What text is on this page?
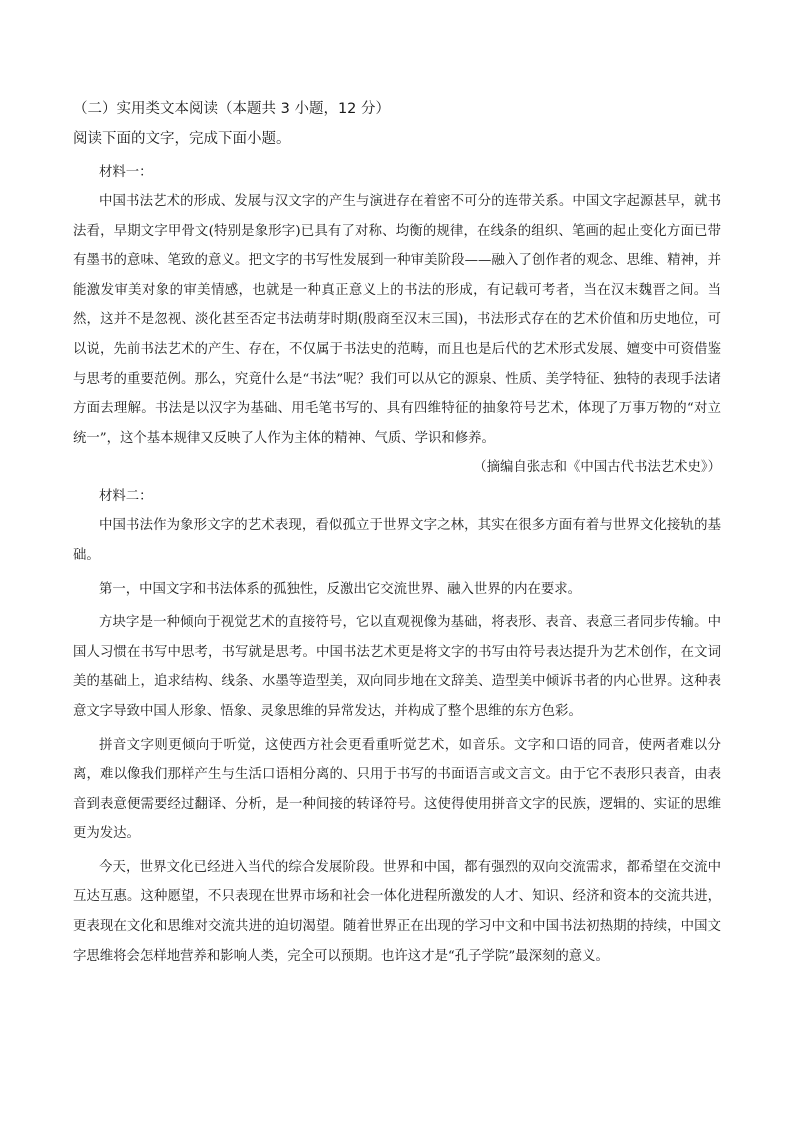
（二）实用类文本阅读（本题共 3 小题，12 分）

阅读下面的文字，完成下面小题。

材料一：

中国书法艺术的形成、发展与汉文字的产生与演进存在着密不可分的连带关系。中国文字起源甚早，就书法看，早期文字甲骨文(特别是象形字)已具有了对称、均衡的规律，在线条的组织、笔画的起止变化方面已带有墨书的意味、笔致的意义。把文字的书写性发展到一种审美阶段——融入了创作者的观念、思维、精神，并能激发审美对象的审美情感，也就是一种真正意义上的书法的形成，有记载可考者，当在汉末魏晋之间。当然，这并不是忽视、淡化甚至否定书法萌芽时期(殷商至汉末三国)，书法形式存在的艺术价值和历史地位，可以说，先前书法艺术的产生、存在，不仅属于书法史的范畴，而且也是后代的艺术形式发展、嬗变中可资借鉴与思考的重要范例。那么，究竟什么是“书法”呢？我们可以从它的源泉、性质、美学特征、独特的表现手法诸方面去理解。书法是以汉字为基础、用毛笔书写的、具有四维特征的抽象符号艺术，体现了万事万物的“对立统一”，这个基本规律又反映了人作为主体的精神、气质、学识和修养。

（摘编自张志和《中国古代书法艺术史》）

材料二：

中国书法作为象形文字的艺术表现，看似孤立于世界文字之林，其实在很多方面有着与世界文化接轨的基础。

第一，中国文字和书法体系的孤独性，反激出它交流世界、融入世界的内在要求。

方块字是一种倾向于视觉艺术的直接符号，它以直观视像为基础，将表形、表音、表意三者同步传输。中国人习惯在书写中思考，书写就是思考。中国书法艺术更是将文字的书写由符号表达提升为艺术创作，在文词美的基础上，追求结构、线条、水墨等造型美，双向同步地在文辞美、造型美中倾诉书者的内心世界。这种表意文字导致中国人形象、悟象、灵象思维的异常发达，并构成了整个思维的东方色彩。

拼音文字则更倾向于听觉，这使西方社会更看重听觉艺术，如音乐。文字和口语的同音，使两者难以分离，难以像我们那样产生与生活口语相分离的、只用于书写的书面语言或文言文。由于它不表形只表音，由表音到表意便需要经过翻译、分析，是一种间接的转译符号。这使得使用拼音文字的民族，逻辑的、实证的思维更为发达。

今天，世界文化已经进入当代的综合发展阶段。世界和中国，都有强烈的双向交流需求，都希望在交流中互达互惠。这种愿望，不只表现在世界市场和社会一体化进程所激发的人才、知识、经济和资本的交流共进，更表现在文化和思维对交流共进的迫切渴望。随着世界正在出现的学习中文和中国书法初热期的持续，中国文字思维将会怎样地营养和影响人类，完全可以预期。也许这才是“孔子学院”最深刻的意义。
